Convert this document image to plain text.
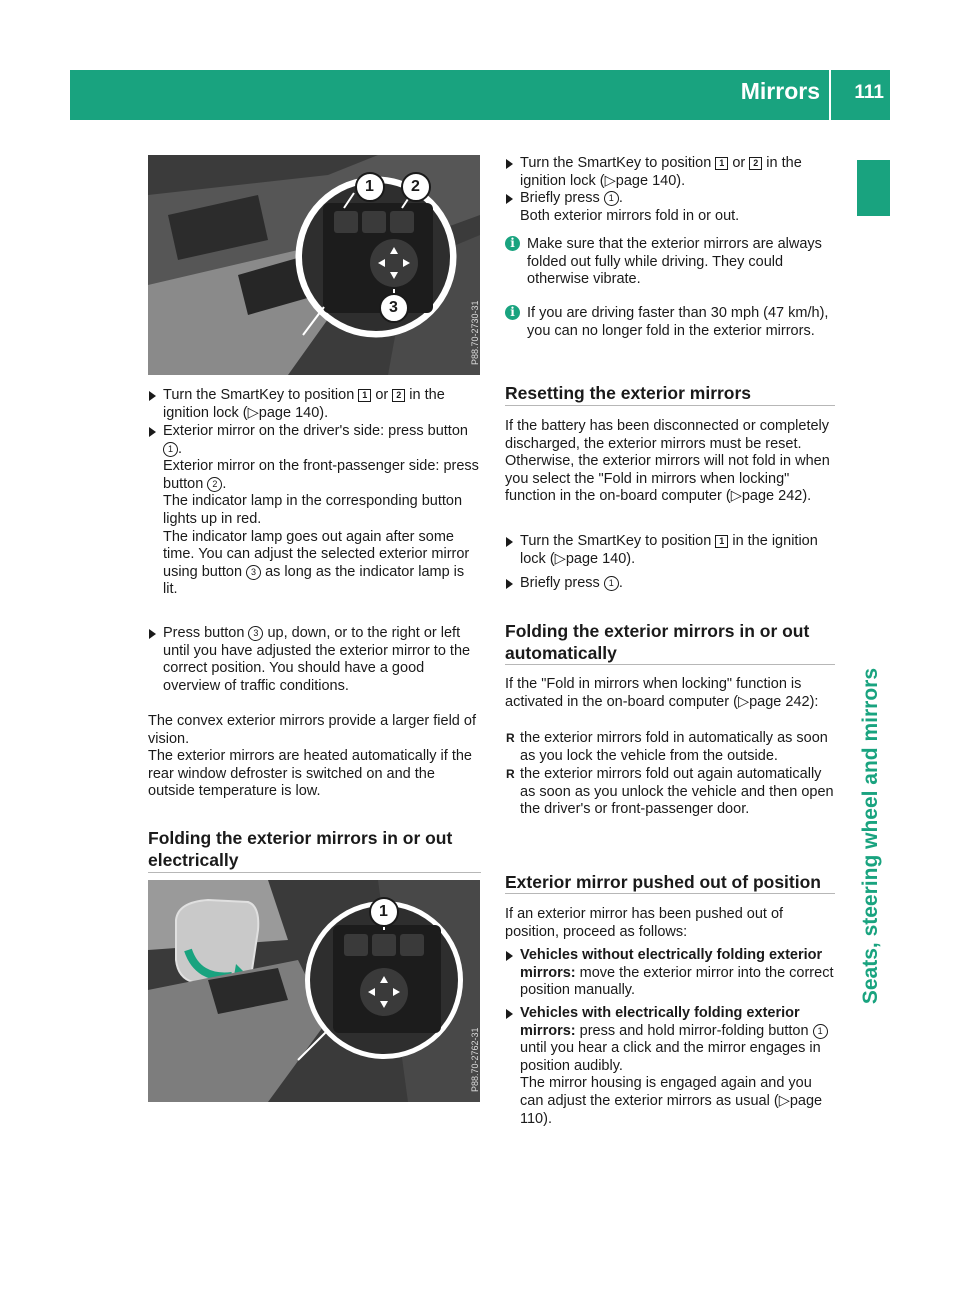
Mirrors 111
Seats, steering wheel and mirrors
1 2
3	P88.70-2730-31
Turn the SmartKey to position 1 or 2 in the ignition lock (▷page 140).
Exterior mirror on the driver's side: press button 1 .
Exterior mirror on the front-passenger side: press button 2 .
The indicator lamp in the corresponding button lights up in red.
The indicator lamp goes out again after some time. You can adjust the selected exterior mirror using button 3 as long as the indicator lamp is lit.
Press button 3 up, down, or to the right or left until you have adjusted the exterior mirror to the correct position. You should have a good overview of traffic conditions.
The convex exterior mirrors provide a larger field of vision.
The exterior mirrors are heated automatically if the rear window defroster is switched on and the outside temperature is low.
Folding the exterior mirrors in or out electrically
1
P88.70-2762-31
Turn the SmartKey to position 1 or 2 in the ignition lock (▷page 140).
Briefly press 1 .
Both exterior mirrors fold in or out.
i Make sure that the exterior mirrors are always folded out fully while driving. They could otherwise vibrate.
i If you are driving faster than 30 mph (47 km/h), you can no longer fold in the exterior mirrors.
Resetting the exterior mirrors
If the battery has been disconnected or completely discharged, the exterior mirrors must be reset. Otherwise, the exterior mirrors will not fold in when you select the "Fold in mirrors when locking" function in the on-board computer (▷page 242).
Turn the SmartKey to position 1 in the ignition lock (▷page 140).
Briefly press 1 .
Folding the exterior mirrors in or out automatically
If the "Fold in mirrors when locking" function is activated in the on-board computer (▷page 242):
R the exterior mirrors fold in automatically as soon as you lock the vehicle from the outside.
R the exterior mirrors fold out again automatically as soon as you unlock the vehicle and then open the driver's or front-passenger door.
Exterior mirror pushed out of position
If an exterior mirror has been pushed out of position, proceed as follows:
Vehicles without electrically folding exterior mirrors: move the exterior mirror into the correct position manually.
Vehicles with electrically folding exterior mirrors: press and hold mirror-folding button 1 until you hear a click and the mirror engages in position audibly.
The mirror housing is engaged again and you can adjust the exterior mirrors as usual (▷page 110).
